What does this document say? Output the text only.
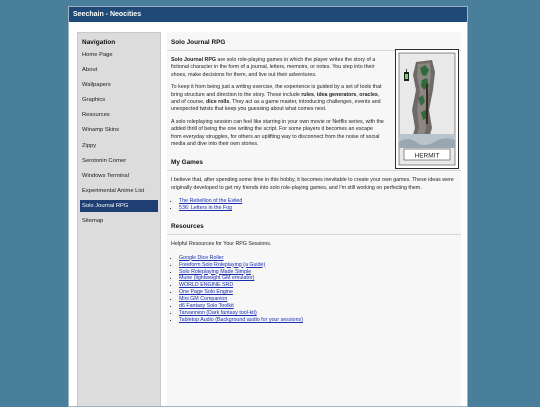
Seechain - Neocities
Navigation
Home Page
About
Wallpapers
Graphics
Resources
Winamp Skins
Zippy
Serotonin Corner
Windows Terminal
Experimental Anime List
Solo Journal RPG
Sitemap
Solo Journal RPG
HERMIT

Solo Journal RPG are solo role-playing games in which the player writes the story of a fictional character in the form of a journal, letters, memoirs, or notes. You step into their shoes, make decisions for them, and live out their adventures.

To keep it from being just a writing exercise, the experience is guided by a set of tools that bring structure and direction to the story. These include rules, idea generators, oracles, and of course, dice rolls. They act as a game master, introducing challenges, events and unexpected twists that keep you guessing about what comes next.

A solo roleplaying session can feel like starring in your own movie or Netflix series, with the added thrill of being the one writing the script. For some players it becomes an escape from everyday struggles, for others an uplifting way to disconnect from the noise of social media and dive into their own stories.

My Games

I believe that, after spending some time in this hobby, it becomes inevitable to create your own games. These ideas were originally developed to get my friends into solo role-playing games, and I'm still working on perfecting them.

• The Rebellion of the Exiled
• 536: Letters in the Fog
Resources

Helpful Resources for Your RPG Sessions.

• Google Dice Roller
• Freeform Solo Roleplaying (a Guide)
• Solo Roleplaying Made Simple
• Mune (lightweight GM emulator)
• WORLD ENGINE SRD
• One Page Solo Engine
• Mini GM Companion
• d6 Fantasy Solo Toolkit
• Tarvannion (Dark fantasy tool-kit)
• Tabletop Audio (Background audio for your sessions)
